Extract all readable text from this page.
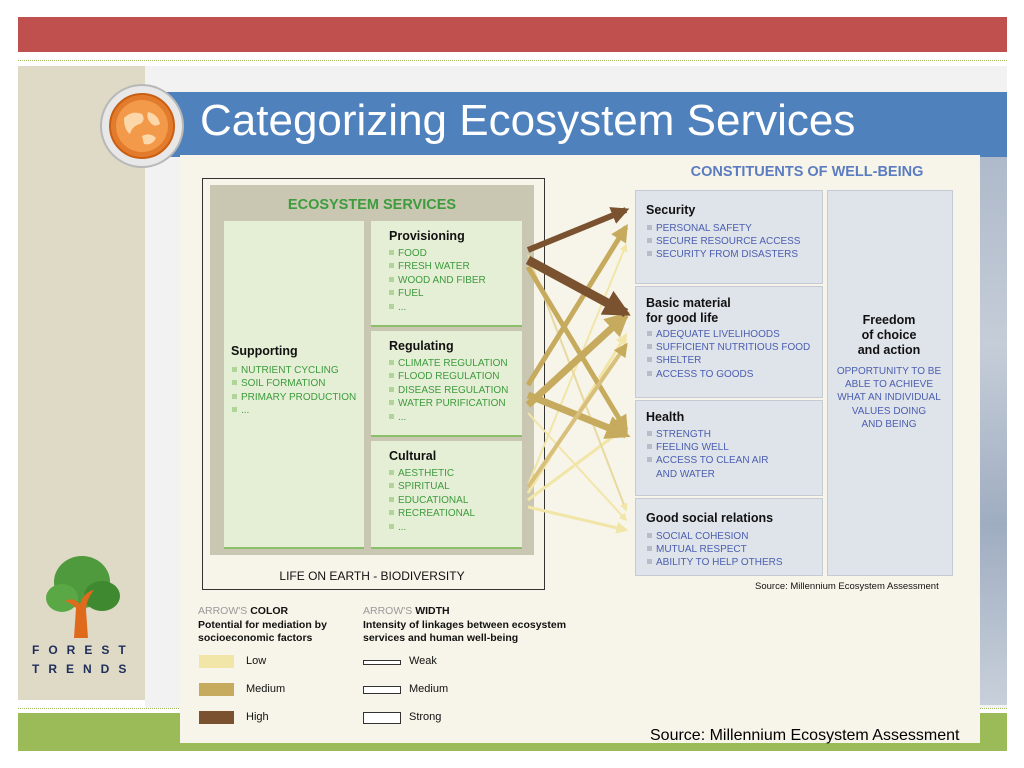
Categorizing Ecosystem Services
FOREST
TRENDS
ECOSYSTEM SERVICES
Supporting
NUTRIENT CYCLING
SOIL FORMATION
PRIMARY PRODUCTION
...
Provisioning
FOOD
FRESH WATER
WOOD AND FIBER
FUEL
...
Regulating
CLIMATE REGULATION
FLOOD REGULATION
DISEASE REGULATION
WATER PURIFICATION
...
Cultural
AESTHETIC
SPIRITUAL
EDUCATIONAL
RECREATIONAL
...
LIFE ON EARTH - BIODIVERSITY
CONSTITUENTS OF WELL-BEING
Security
PERSONAL SAFETY
SECURE RESOURCE ACCESS
SECURITY FROM DISASTERS
Basic material
for good life
ADEQUATE LIVELIHOODS
SUFFICIENT NUTRITIOUS FOOD
SHELTER
ACCESS TO GOODS
Health
STRENGTH
FEELING WELL
ACCESS TO CLEAN AIR
AND WATER
Good social relations
SOCIAL COHESION
MUTUAL RESPECT
ABILITY TO HELP OTHERS
Freedom
of choice
and action
OPPORTUNITY TO BE
ABLE TO ACHIEVE
WHAT AN INDIVIDUAL
VALUES DOING
AND BEING
Source: Millennium Ecosystem Assessment
ARROW'S COLOR
Potential for mediation by
socioeconomic factors
Low
Medium
High
ARROW'S WIDTH
Intensity of linkages between ecosystem
services and human well-being
Weak
Medium
Strong
Source: Millennium Ecosystem Assessment
